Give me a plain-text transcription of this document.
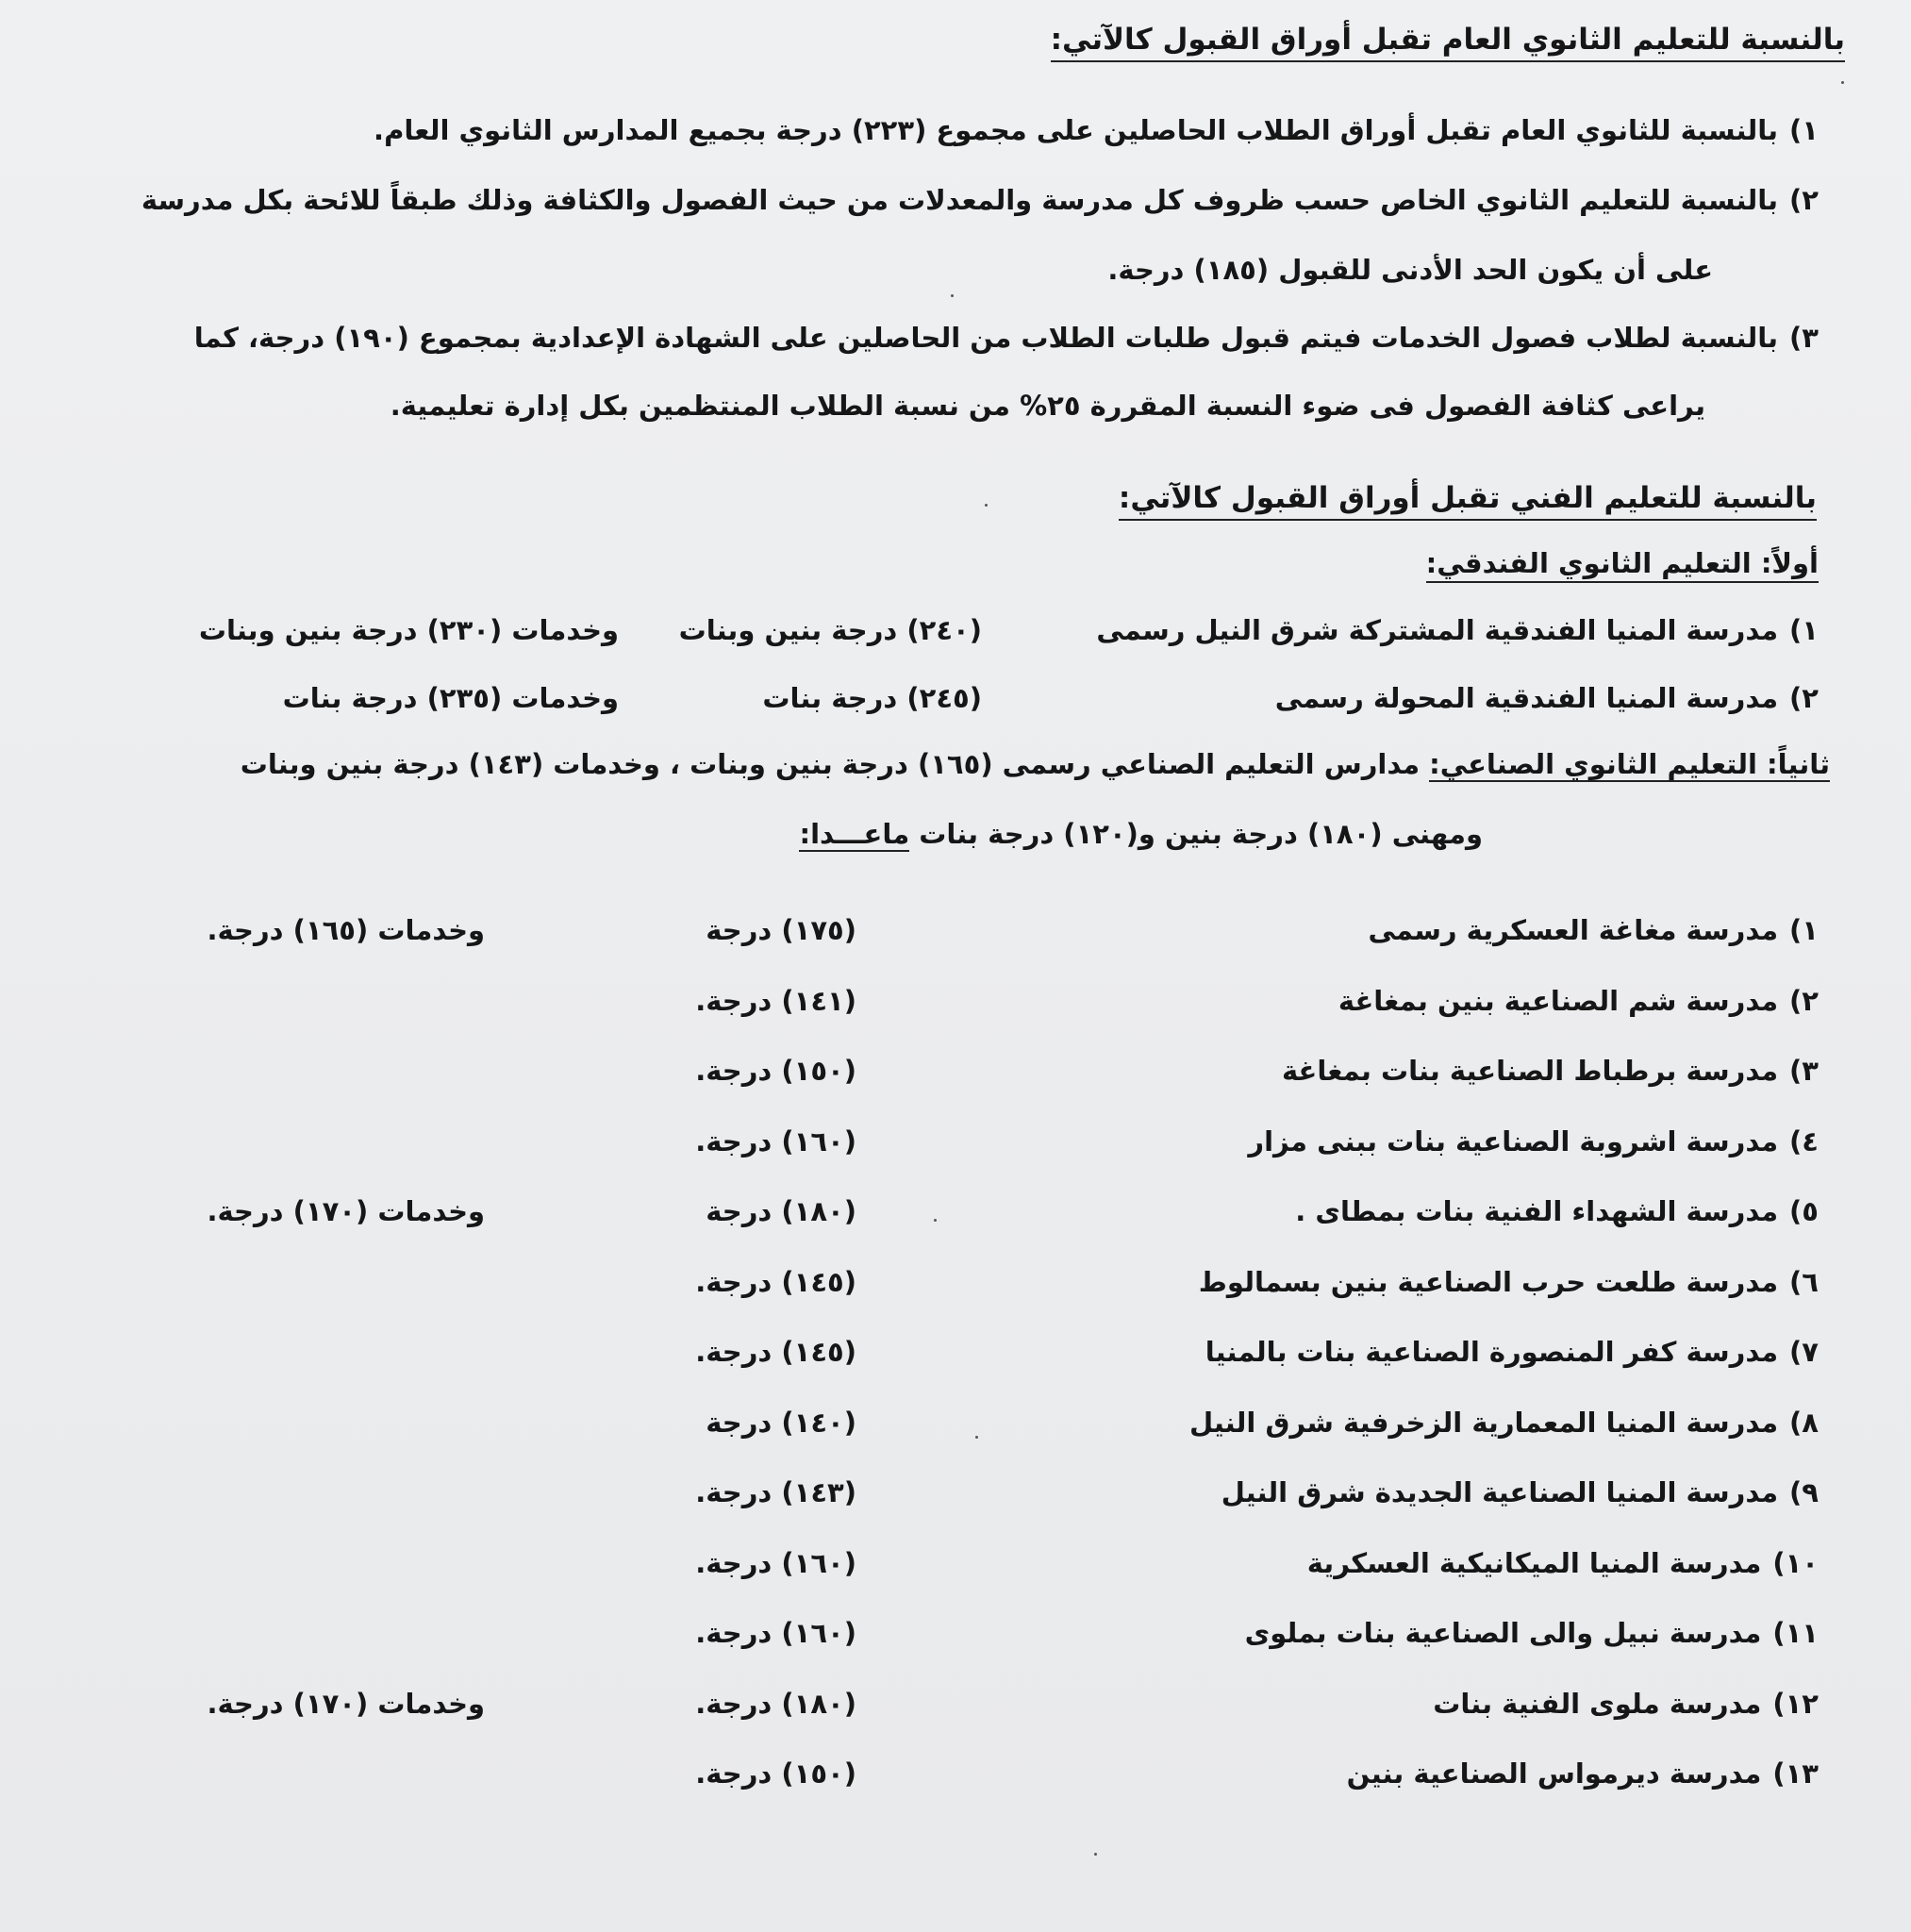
بالنسبة للتعليم الثانوي العام تقبل أوراق القبول كالآتي:
١)بالنسبة للثانوي العام تقبل أوراق الطلاب الحاصلين على مجموع (٢٢٣) درجة بجميع المدارس الثانوي العام.
٢)بالنسبة للتعليم الثانوي الخاص حسب ظروف كل مدرسة والمعدلات من حيث الفصول والكثافة وذلك طبقاً للائحة بكل مدرسة
على أن يكون الحد الأدنى للقبول (١٨٥) درجة.
٣)بالنسبة لطلاب فصول الخدمات فيتم قبول طلبات الطلاب من الحاصلين على الشهادة الإعدادية بمجموع (١٩٠) درجة، كما
يراعى كثافة الفصول فى ضوء النسبة المقررة ٢٥% من نسبة الطلاب المنتظمين بكل إدارة تعليمية.
بالنسبة للتعليم الفني تقبل أوراق القبول كالآتي:
أولاً: التعليم الثانوي الفندقي:
١)مدرسة المنيا الفندقية المشتركة شرق النيل رسمى
(٢٤٠) درجة بنين وبنات
وخدمات (٢٣٠) درجة بنين وبنات
٢)مدرسة المنيا الفندقية المحولة رسمى
(٢٤٥) درجة بنات
وخدمات (٢٣٥) درجة بنات
ثانياً: التعليم الثانوي الصناعي: مدارس التعليم الصناعي رسمى (١٦٥) درجة بنين وبنات ، وخدمات (١٤٣) درجة بنين وبنات
ومهنى (١٨٠) درجة بنين و(١٢٠) درجة بنات ماعـــدا:
١)مدرسة مغاغة العسكرية رسمى
(١٧٥) درجة
وخدمات (١٦٥) درجة.
٢)مدرسة شم الصناعية بنين بمغاغة
(١٤١) درجة.
٣)مدرسة برطباط الصناعية بنات بمغاغة
(١٥٠) درجة.
٤)مدرسة اشروبة الصناعية بنات ببنى مزار
(١٦٠) درجة.
٥)مدرسة الشهداء الفنية بنات بمطاى .
(١٨٠) درجة
وخدمات (١٧٠) درجة.
٦)مدرسة طلعت حرب الصناعية بنين بسمالوط
(١٤٥) درجة.
٧)مدرسة كفر المنصورة الصناعية بنات بالمنيا
(١٤٥) درجة.
٨)مدرسة المنيا المعمارية الزخرفية شرق النيل
(١٤٠) درجة
٩)مدرسة المنيا الصناعية الجديدة شرق النيل
(١٤٣) درجة.
١٠)مدرسة المنيا الميكانيكية العسكرية
(١٦٠) درجة.
١١)مدرسة نبيل والى الصناعية بنات بملوى
(١٦٠) درجة.
١٢)مدرسة ملوى الفنية بنات
(١٨٠) درجة.
وخدمات (١٧٠) درجة.
١٣)مدرسة ديرمواس الصناعية بنين
(١٥٠) درجة.
